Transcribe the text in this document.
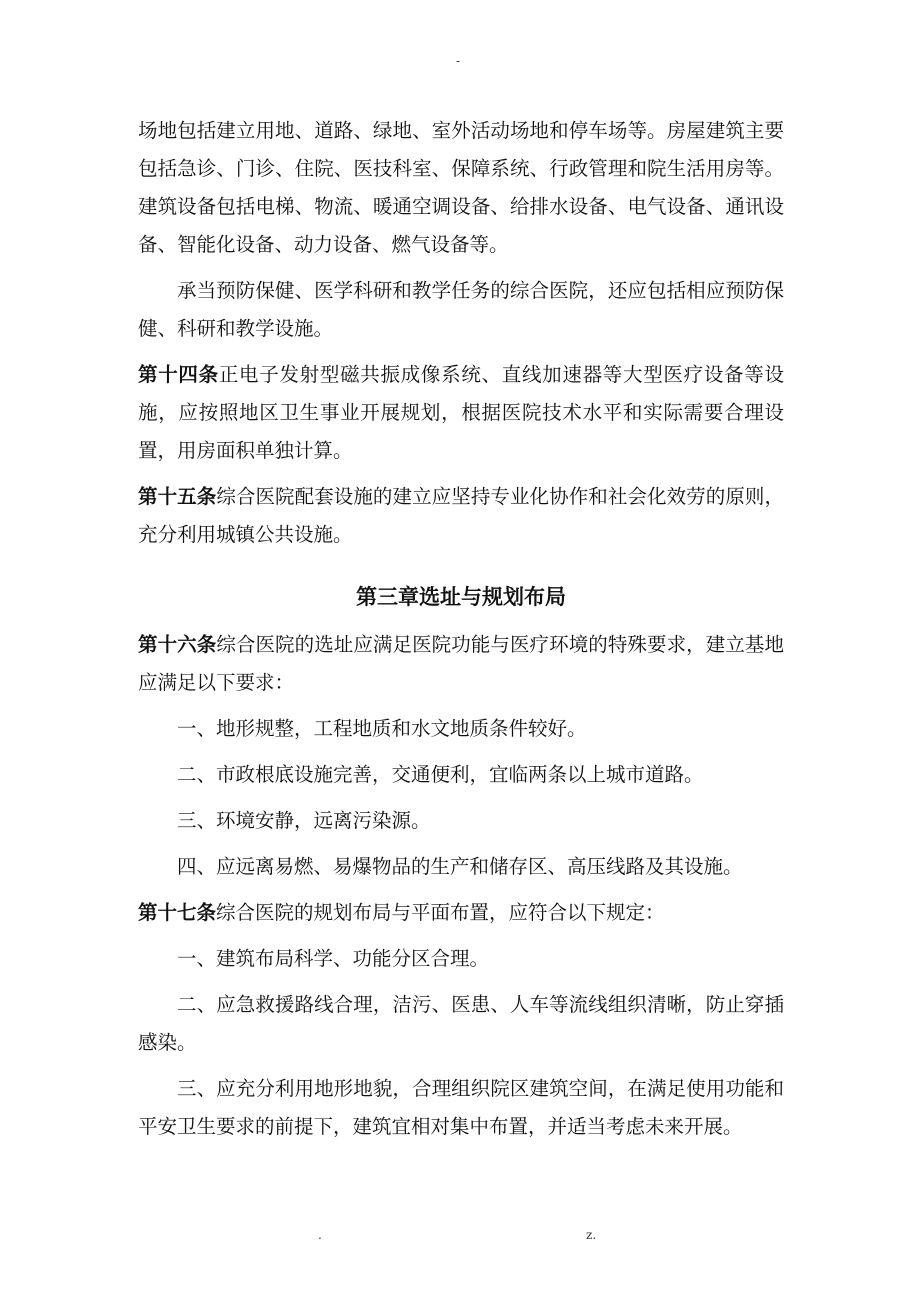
-

场地包括建立用地、道路、绿地、室外活动场地和停车场等。房屋建筑主要包括急诊、门诊、住院、医技科室、保障系统、行政管理和院生活用房等。建筑设备包括电梯、物流、暖通空调设备、给排水设备、电气设备、通讯设备、智能化设备、动力设备、燃气设备等。

承当预防保健、医学科研和教学任务的综合医院，还应包括相应预防保健、科研和教学设施。

第十四条正电子发射型磁共振成像系统、直线加速器等大型医疗设备等设施，应按照地区卫生事业开展规划，根据医院技术水平和实际需要合理设置，用房面积单独计算。

第十五条综合医院配套设施的建立应坚持专业化协作和社会化效劳的原则，充分利用城镇公共设施。

第三章选址与规划布局

第十六条综合医院的选址应满足医院功能与医疗环境的特殊要求，建立基地应满足以下要求：

一、地形规整，工程地质和水文地质条件较好。

二、市政根底设施完善，交通便利，宜临两条以上城市道路。

三、环境安静，远离污染源。

四、应远离易燃、易爆物品的生产和储存区、高压线路及其设施。

第十七条综合医院的规划布局与平面布置，应符合以下规定：

一、建筑布局科学、功能分区合理。

二、应急救援路线合理，洁污、医患、人车等流线组织清晰，防止穿插感染。

三、应充分利用地形地貌，合理组织院区建筑空间，在满足使用功能和平安卫生要求的前提下，建筑宜相对集中布置，并适当考虑未来开展。

.	z.
